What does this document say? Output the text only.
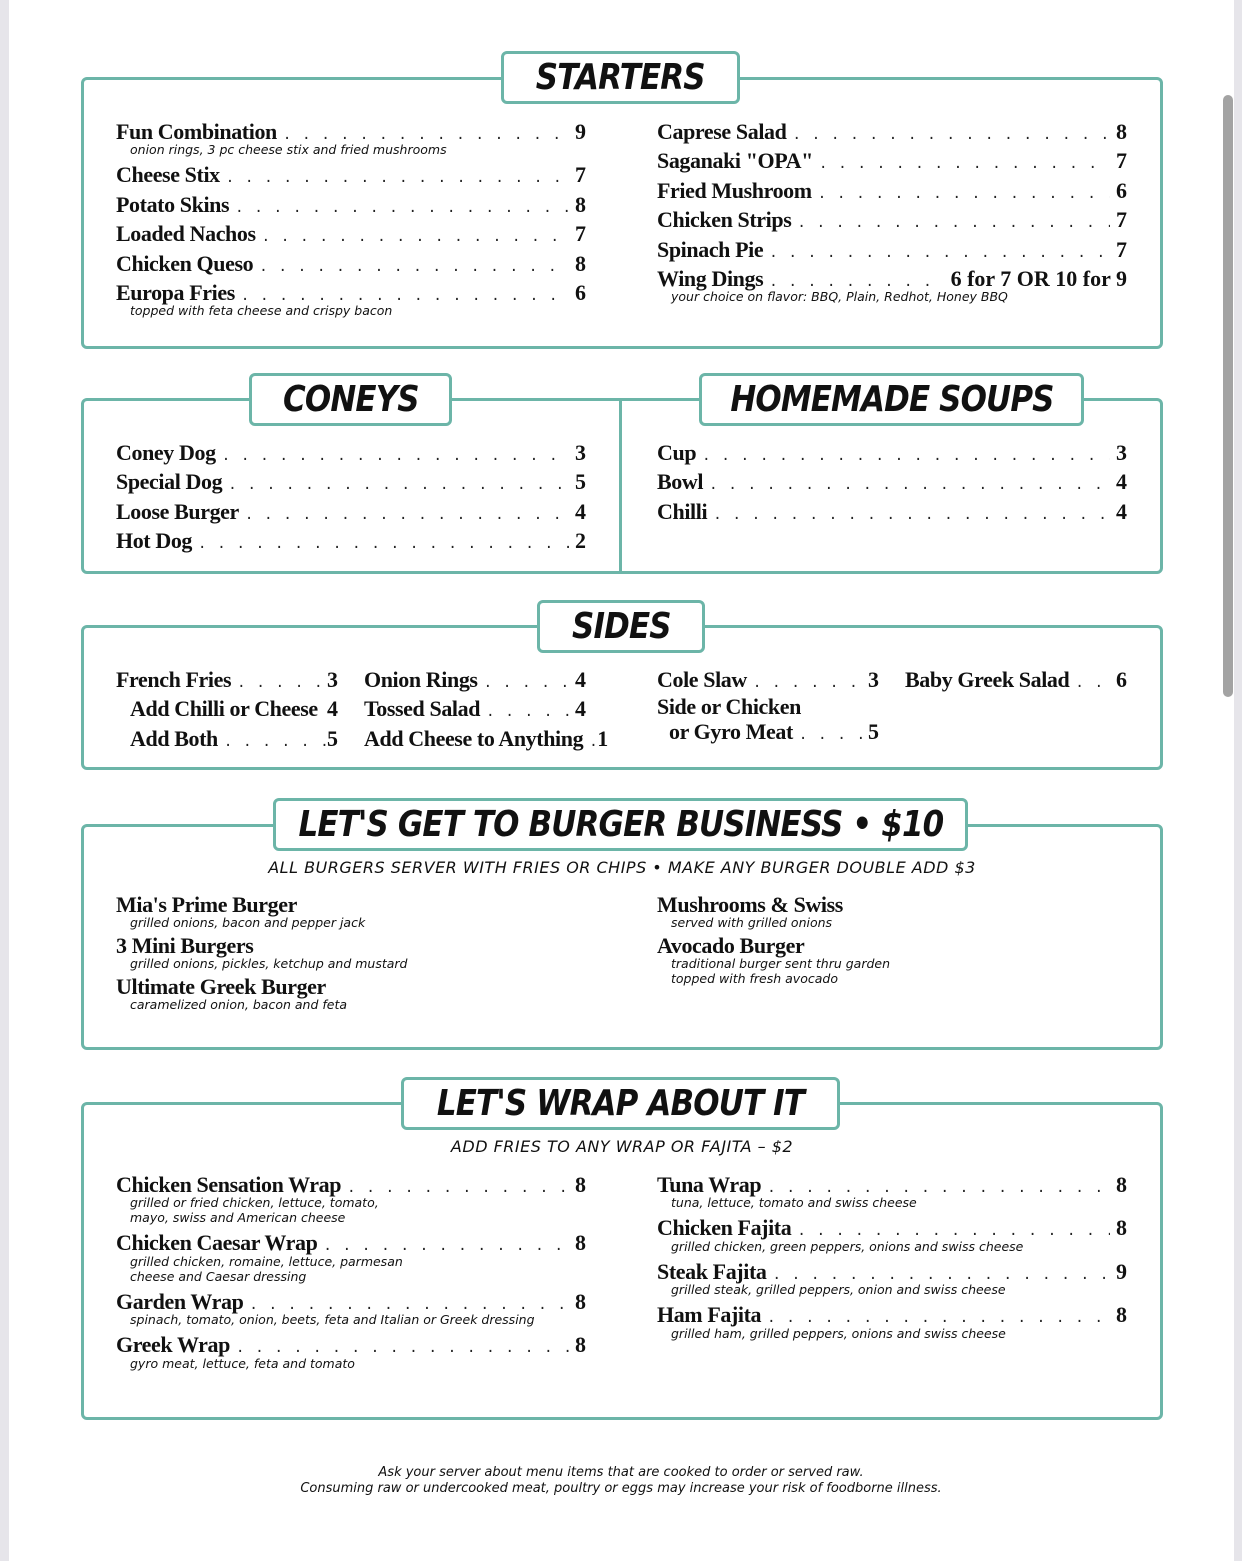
STARTERS
Fun Combination . . .	9
onion rings, 3 pc cheese stix and fried mushrooms
Cheese Stix . . .	7
Potato Skins . . .	8
Loaded Nachos . . .	7
Chicken Queso . . .	8
Europa Fries . . .	6
topped with feta cheese and crispy bacon
Caprese Salad . . .	8
Saganaki "OPA" . . .	7
Fried Mushroom . . .	6
Chicken Strips . . .	7
Spinach Pie . . .	7
Wing Dings . . .	6 for 7 OR 10 for 9
your choice on flavor: BBQ, Plain, Redhot, Honey BBQ
CONEYS	HOMEMADE SOUPS
Coney Dog . . .	3
Special Dog . . .	5
Loose Burger . . .	4
Hot Dog . . .	2
Cup . . .	3
Bowl . . .	4
Chilli . . .	4
SIDES
French Fries . . .	3
Add Chilli or Cheese . . . 4
Add Both . . .	5
Onion Rings . . .	4
Tossed Salad . . .	4
Add Cheese to Anything . . . 1
Cole Slaw . . .	3
Side or Chicken
or Gyro Meat . . .	5
Baby Greek Salad . . . 6
LET'S GET TO BURGER BUSINESS • $10
ALL BURGERS SERVER WITH FRIES OR CHIPS • MAKE ANY BURGER DOUBLE ADD $3
Mia's Prime Burger
grilled onions, bacon and pepper jack
3 Mini Burgers
grilled onions, pickles, ketchup and mustard
Ultimate Greek Burger
caramelized onion, bacon and feta
Mushrooms & Swiss
served with grilled onions
Avocado Burger
traditional burger sent thru garden
topped with fresh avocado
LET'S WRAP ABOUT IT
ADD FRIES TO ANY WRAP OR FAJITA – $2
Chicken Sensation Wrap . . .	8
grilled or fried chicken, lettuce, tomato,
mayo, swiss and American cheese
Chicken Caesar Wrap . . .	8
grilled chicken, romaine, lettuce, parmesan
cheese and Caesar dressing
Garden Wrap . . .	8
spinach, tomato, onion, beets, feta and Italian or Greek dressing
Greek Wrap . . .	8
gyro meat, lettuce, feta and tomato
Tuna Wrap . . .	8
tuna, lettuce, tomato and swiss cheese
Chicken Fajita . . .	8
grilled chicken, green peppers, onions and swiss cheese
Steak Fajita . . .	9
grilled steak, grilled peppers, onion and swiss cheese
Ham Fajita . . .	8
grilled ham, grilled peppers, onions and swiss cheese
Ask your server about menu items that are cooked to order or served raw.
Consuming raw or undercooked meat, poultry or eggs may increase your risk of foodborne illness.
